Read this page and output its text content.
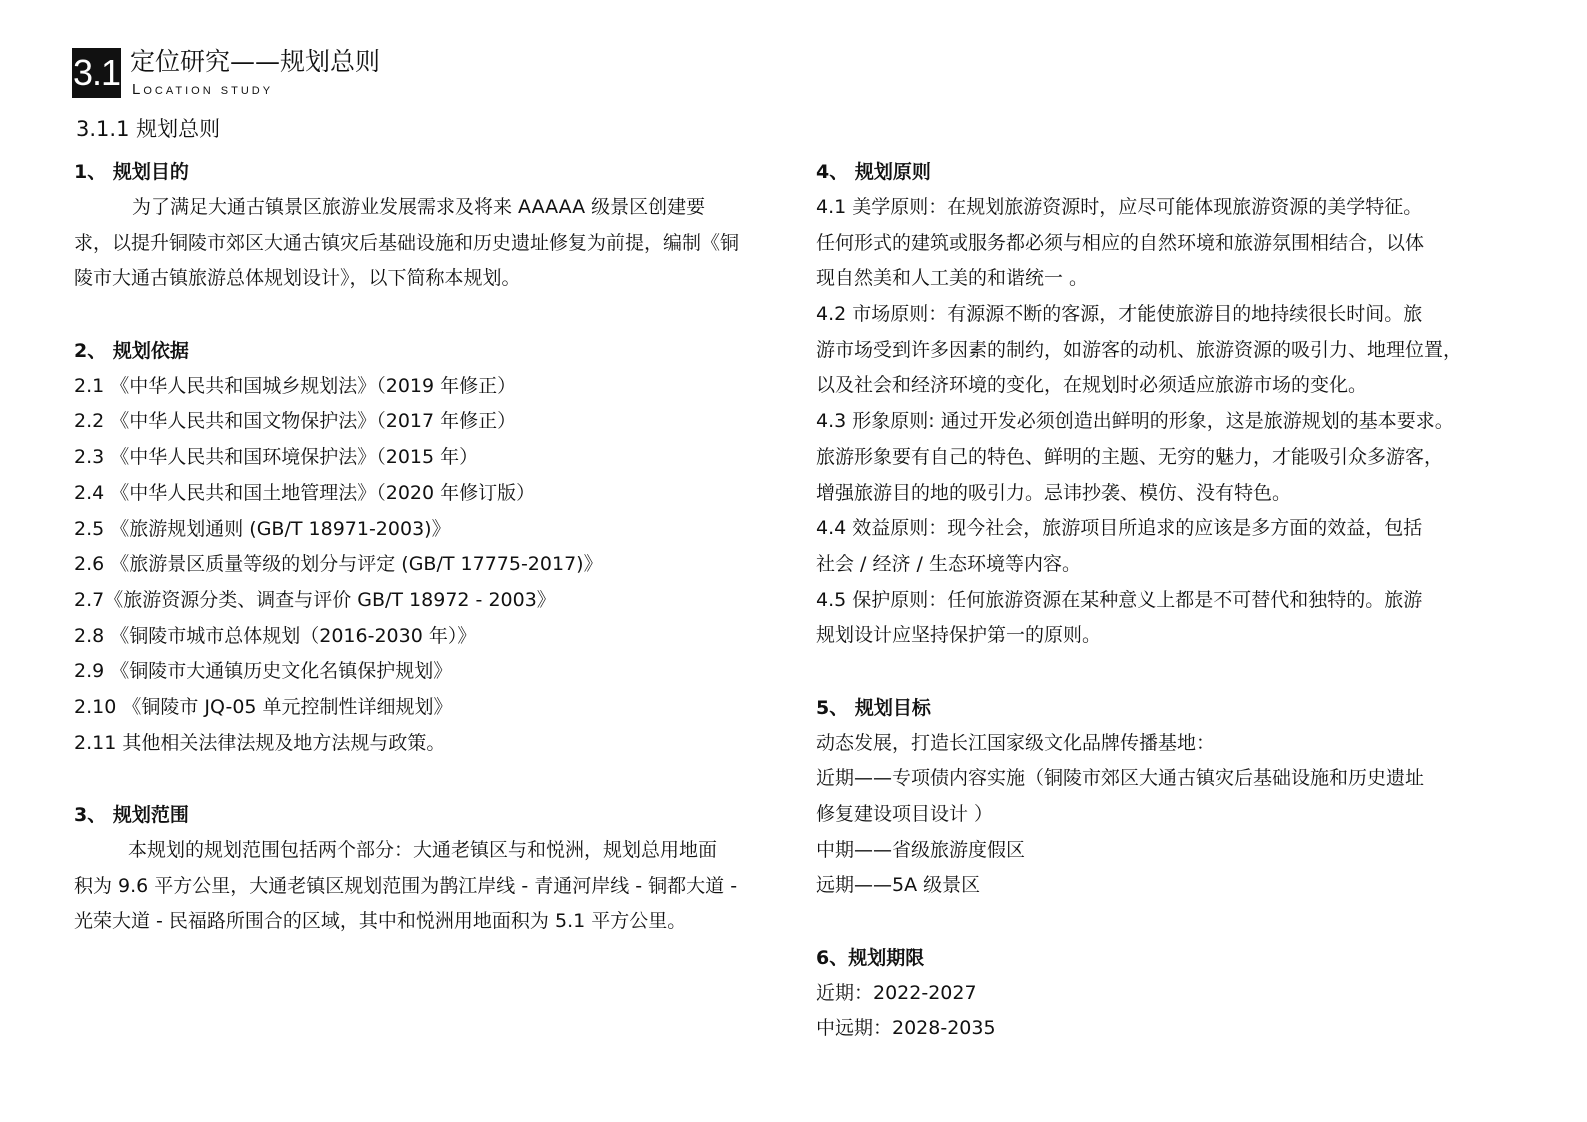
3.1 定位研究——规划总则
Location study
3.1.1 规划总则

1、 规划目的

为了满足大通古镇景区旅游业发展需求及将来 AAAAA 级景区创建要

求，以提升铜陵市郊区大通古镇灾后基础设施和历史遗址修复为前提，编制《铜

陵市大通古镇旅游总体规划设计》，以下简称本规划。

2、 规划依据

2.1 《中华人民共和国城乡规划法》（2019 年修正）

2.2 《中华人民共和国文物保护法》（2017 年修正）

2.3 《中华人民共和国环境保护法》（2015 年）

2.4 《中华人民共和国土地管理法》（2020 年修订版）

2.5 《旅游规划通则 (GB/T 18971-2003)》

2.6 《旅游景区质量等级的划分与评定 (GB/T 17775-2017)》

2.7《旅游资源分类、调查与评价 GB/T 18972 - 2003》

2.8 《铜陵市城市总体规划（2016-2030 年）》

2.9 《铜陵市大通镇历史文化名镇保护规划》

2.10 《铜陵市 JQ-05 单元控制性详细规划》

2.11 其他相关法律法规及地方法规与政策。

3、 规划范围

本规划的规划范围包括两个部分：大通老镇区与和悦洲，规划总用地面

积为 9.6 平方公里，大通老镇区规划范围为鹊江岸线 - 青通河岸线 - 铜都大道 -

光荣大道 - 民福路所围合的区域，其中和悦洲用地面积为 5.1 平方公里。

4、 规划原则

4.1 美学原则：在规划旅游资源时，应尽可能体现旅游资源的美学特征。

任何形式的建筑或服务都必须与相应的自然环境和旅游氛围相结合，以体

现自然美和人工美的和谐统一 。

4.2 市场原则：有源源不断的客源，才能使旅游目的地持续很长时间。旅

游市场受到许多因素的制约，如游客的动机、旅游资源的吸引力、地理位置，

以及社会和经济环境的变化，在规划时必须适应旅游市场的变化。

4.3 形象原则: 通过开发必须创造出鲜明的形象，这是旅游规划的基本要求。

旅游形象要有自己的特色、鲜明的主题、无穷的魅力，才能吸引众多游客，

增强旅游目的地的吸引力。忌讳抄袭、模仿、没有特色。

4.4 效益原则：现今社会，旅游项目所追求的应该是多方面的效益，包括

社会 / 经济 / 生态环境等内容。

4.5 保护原则：任何旅游资源在某种意义上都是不可替代和独特的。旅游

规划设计应坚持保护第一的原则。

5、 规划目标

动态发展，打造长江国家级文化品牌传播基地：

近期——专项债内容实施（铜陵市郊区大通古镇灾后基础设施和历史遗址

修复建设项目设计 ）

中期——省级旅游度假区

远期——5A 级景区

6、规划期限

近期：2022-2027

中远期：2028-2035
